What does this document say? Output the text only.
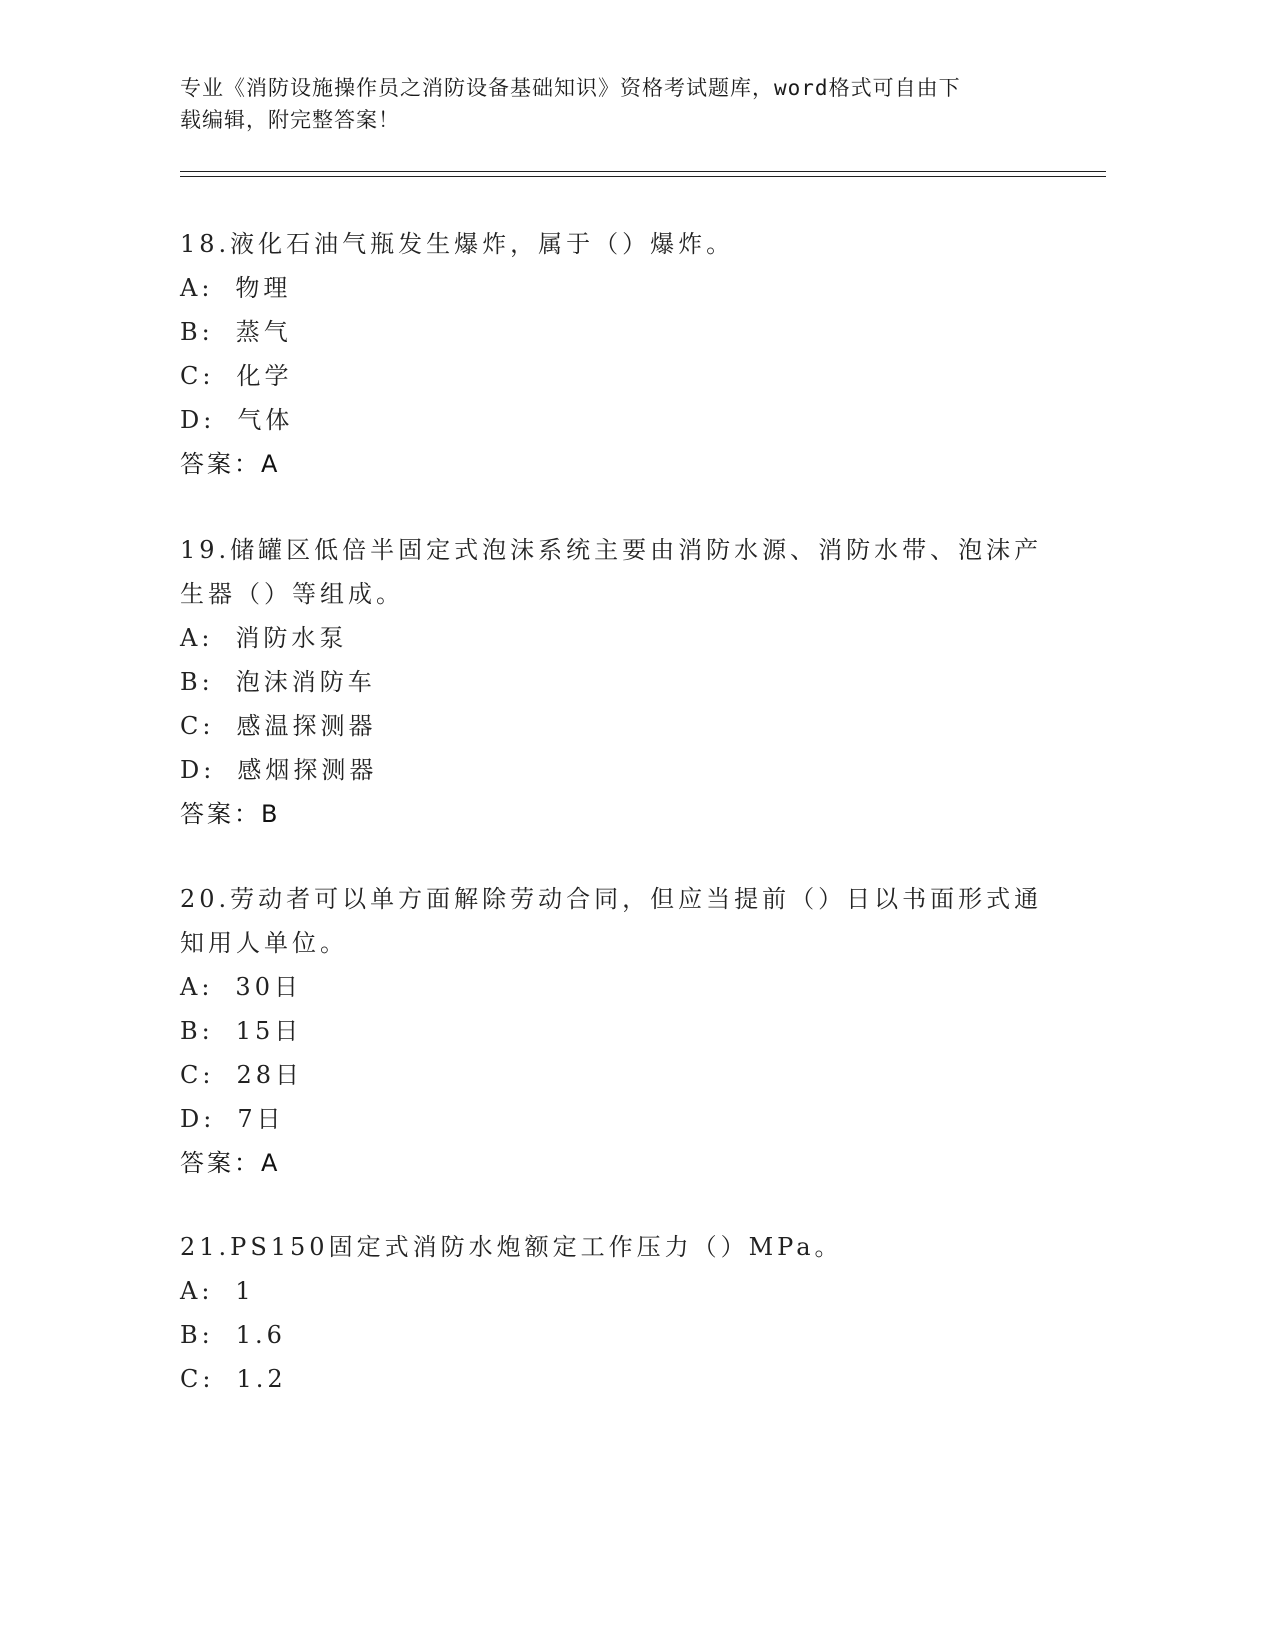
专业《消防设施操作员之消防设备基础知识》资格考试题库，word格式可自由下
载编辑，附完整答案！

18.液化石油气瓶发生爆炸，属于（）爆炸。

A: 物理

B: 蒸气

C: 化学

D: 气体

答案：A

19.储罐区低倍半固定式泡沫系统主要由消防水源、消防水带、泡沫产

生器（）等组成。

A: 消防水泵

B: 泡沫消防车

C: 感温探测器

D: 感烟探测器

答案：B

20.劳动者可以单方面解除劳动合同，但应当提前（）日以书面形式通

知用人单位。

A: 30日

B: 15日

C: 28日

D: 7日

答案：A

21.PS150固定式消防水炮额定工作压力（）MPa。

A: 1

B: 1.6

C: 1.2
